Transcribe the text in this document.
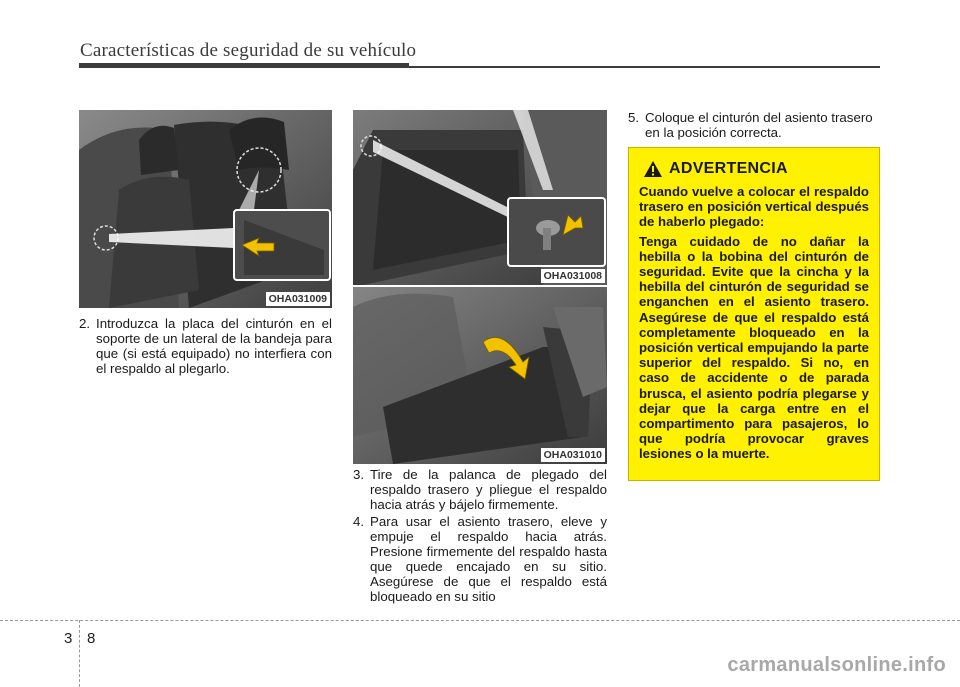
Características de seguridad de su vehículo
OHA031009
OHA031008
OHA031010
2. Introduzca la placa del cinturón en el soporte de un lateral de la bandeja para que (si está equipado) no interfiera con el respaldo al plegarlo.
3. Tire de la palanca de plegado del respaldo trasero y pliegue el respaldo hacia atrás y bájelo firmemente.
4. Para usar el asiento trasero, eleve y empuje el respaldo hacia atrás. Presione firmemente del respaldo hasta que quede encajado en su sitio. Asegúrese de que el respaldo está bloqueado en su sitio
5. Coloque el cinturón del asiento trasero en la posición correcta.
ADVERTENCIA

Cuando vuelve a colocar el respaldo trasero en posición vertical después de haberlo plegado:

Tenga cuidado de no dañar la hebilla o la bobina del cinturón de seguridad. Evite que la cincha y la hebilla del cinturón de seguridad se enganchen en el asiento trasero. Asegúrese de que el respaldo está completamente bloqueado en la posición vertical empujando la parte superior del respaldo. Si no, en caso de accidente o de parada brusca, el asiento podría plegarse y dejar que la carga entre en el compartimento para pasajeros, lo que podría provocar graves lesiones o la muerte.

3 8
carmanualsonline.info
